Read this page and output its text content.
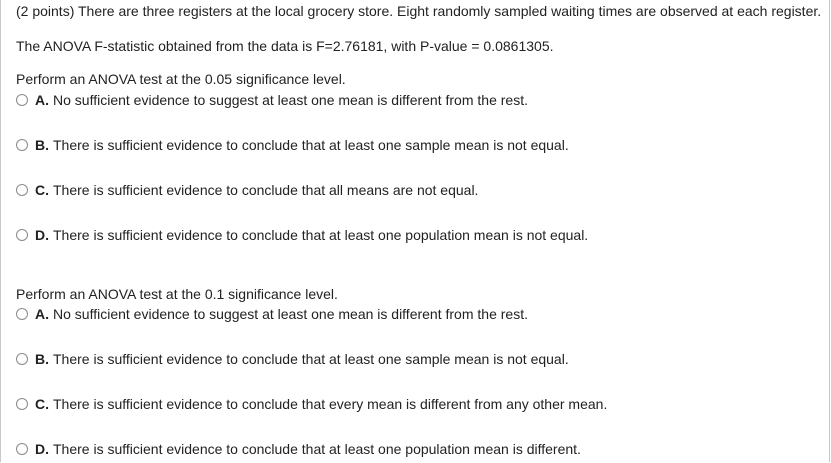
(2 points) There are three registers at the local grocery store. Eight randomly sampled waiting times are observed at each register.
The ANOVA F-statistic obtained from the data is F=2.76181, with P-value = 0.0861305.
Perform an ANOVA test at the 0.05 significance level.
A. No sufficient evidence to suggest at least one mean is different from the rest.
B. There is sufficient evidence to conclude that at least one sample mean is not equal.
C. There is sufficient evidence to conclude that all means are not equal.
D. There is sufficient evidence to conclude that at least one population mean is not equal.
Perform an ANOVA test at the 0.1 significance level.
A. No sufficient evidence to suggest at least one mean is different from the rest.
B. There is sufficient evidence to conclude that at least one sample mean is not equal.
C. There is sufficient evidence to conclude that every mean is different from any other mean.
D. There is sufficient evidence to conclude that at least one population mean is different.
